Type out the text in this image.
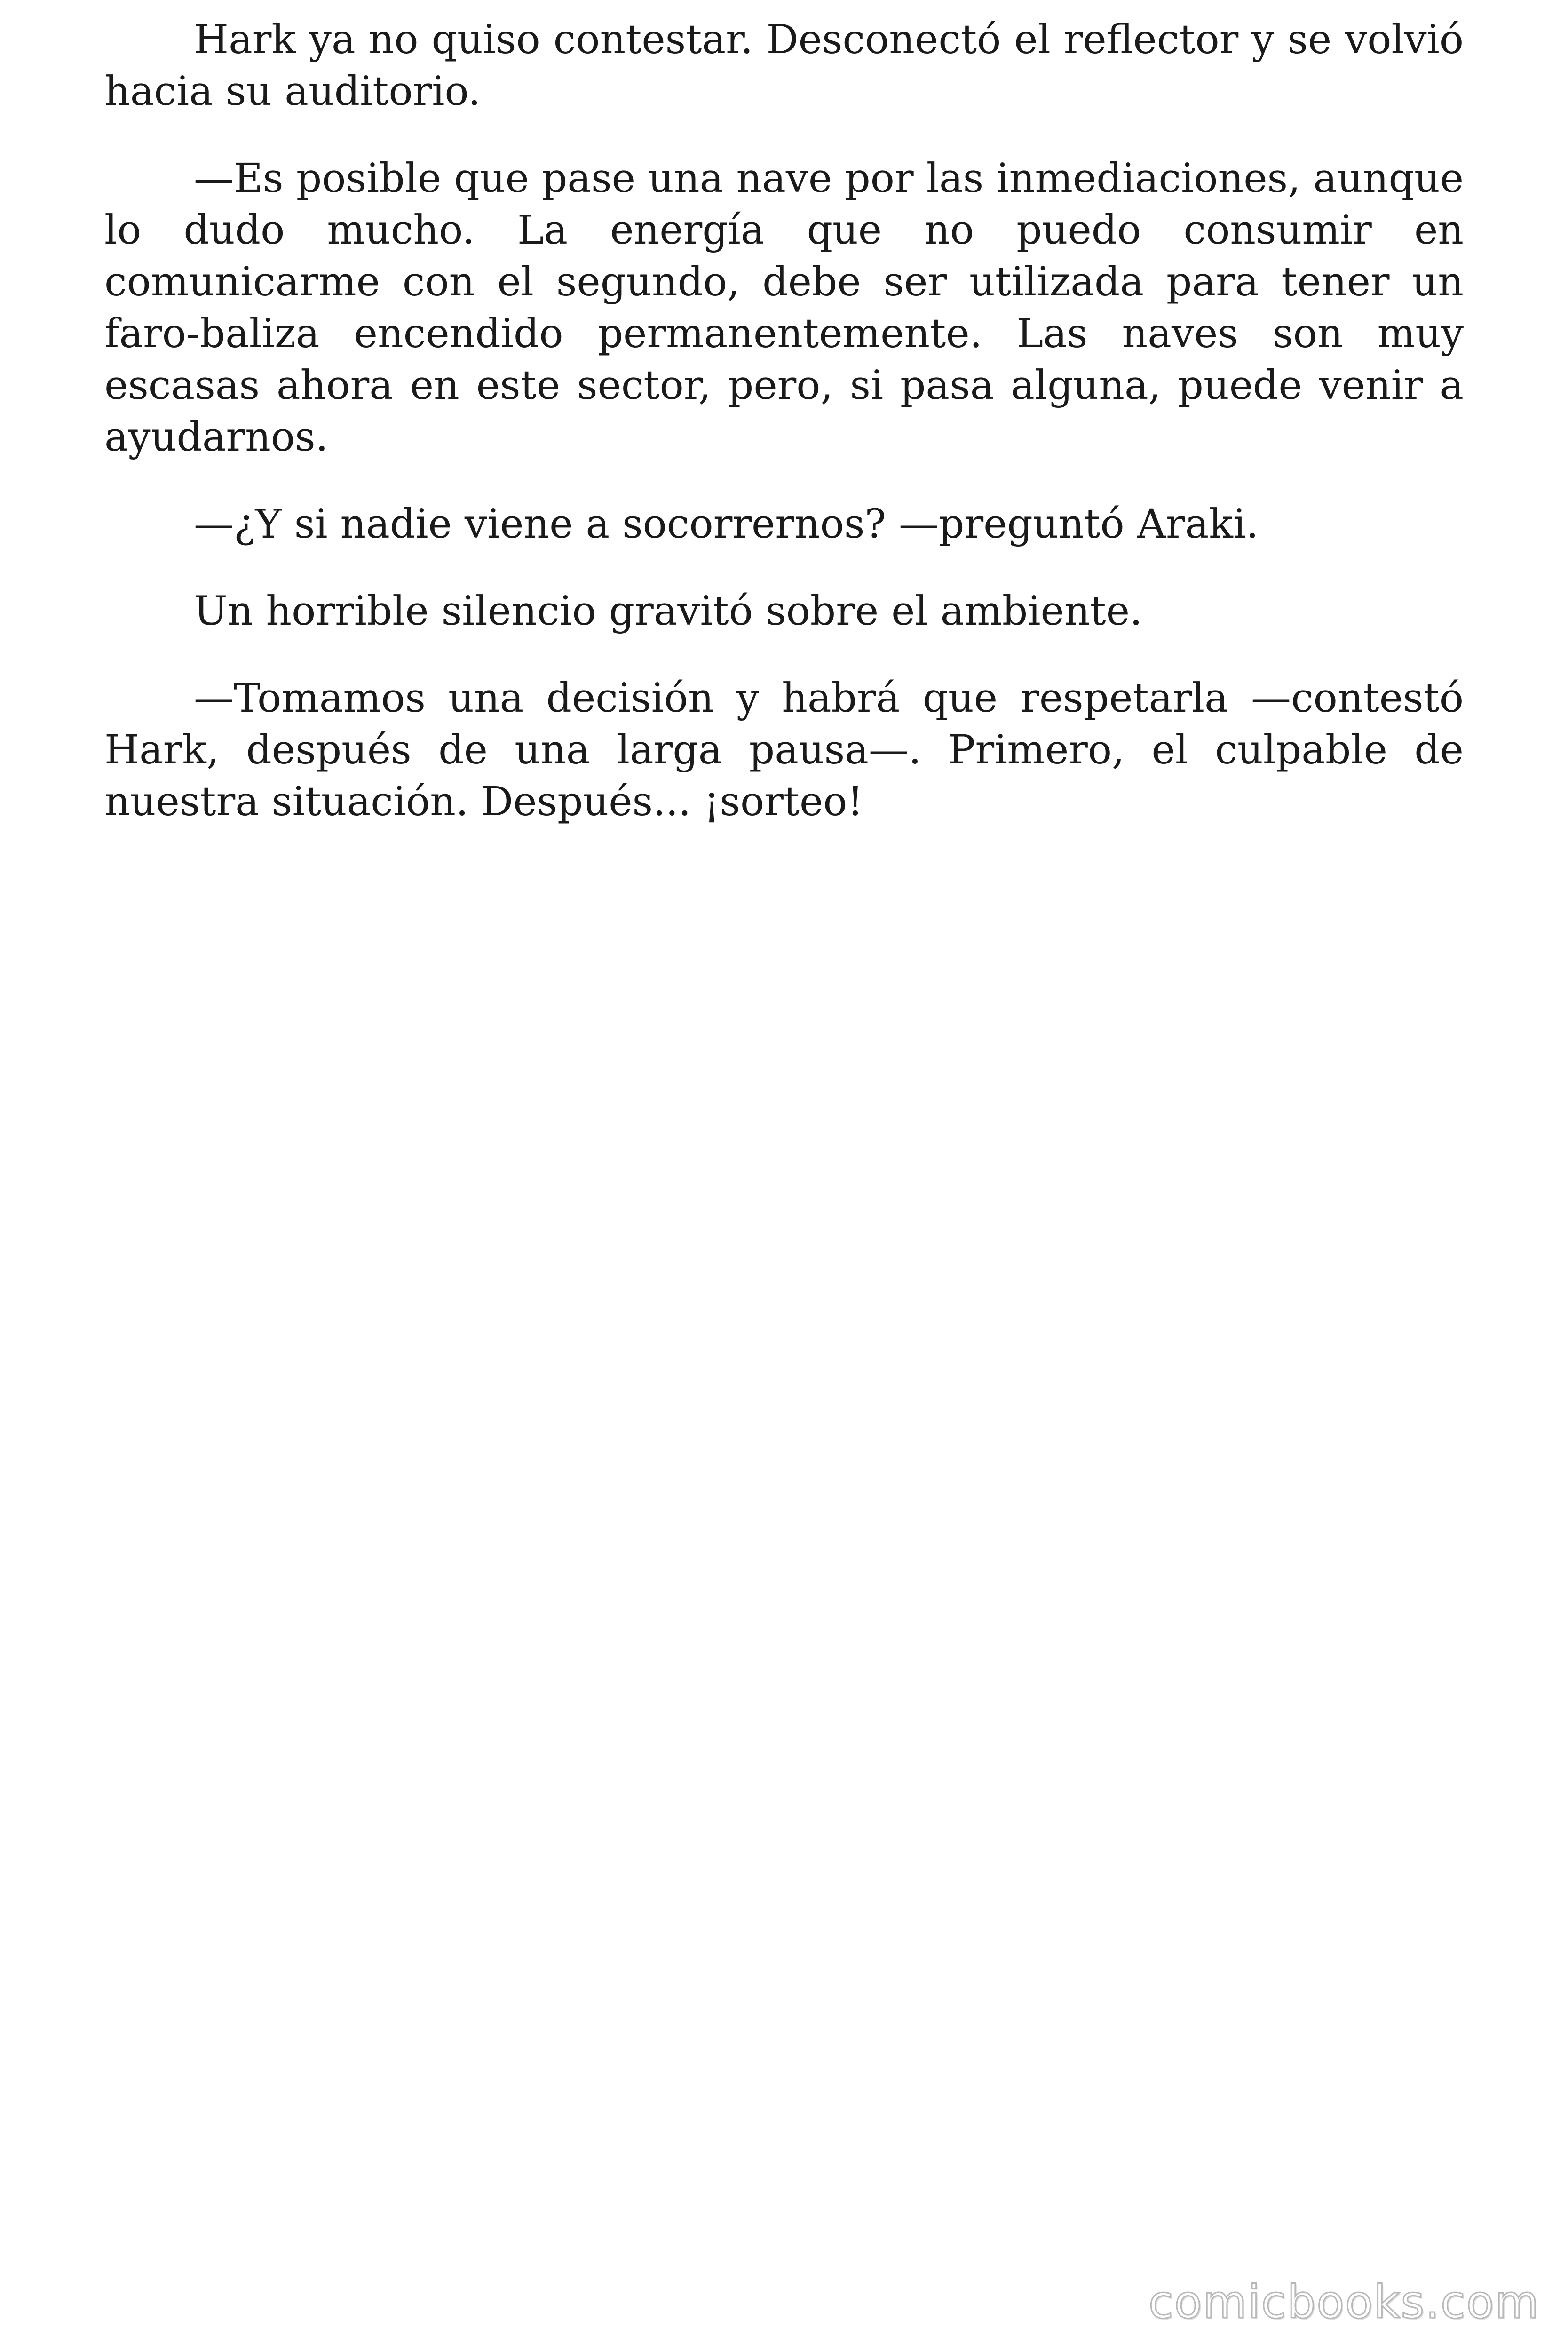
Hark ya no quiso contestar. Desconectó el reflector y se volvió hacia su auditorio.

—Es posible que pase una nave por las inmediaciones, aunque lo dudo mucho. La energía que no puedo consumir en comunicarme con el segundo, debe ser utilizada para tener un faro-baliza encendido permanentemente. Las naves son muy escasas ahora en este sector, pero, si pasa alguna, puede venir a ayudarnos.

—¿Y si nadie viene a socorrernos? —preguntó Araki.

Un horrible silencio gravitó sobre el ambiente.

—Tomamos una decisión y habrá que respetarla —contestó Hark, después de una larga pausa—. Primero, el culpable de nuestra situación. Después... ¡sorteo!

comicbooks.com
